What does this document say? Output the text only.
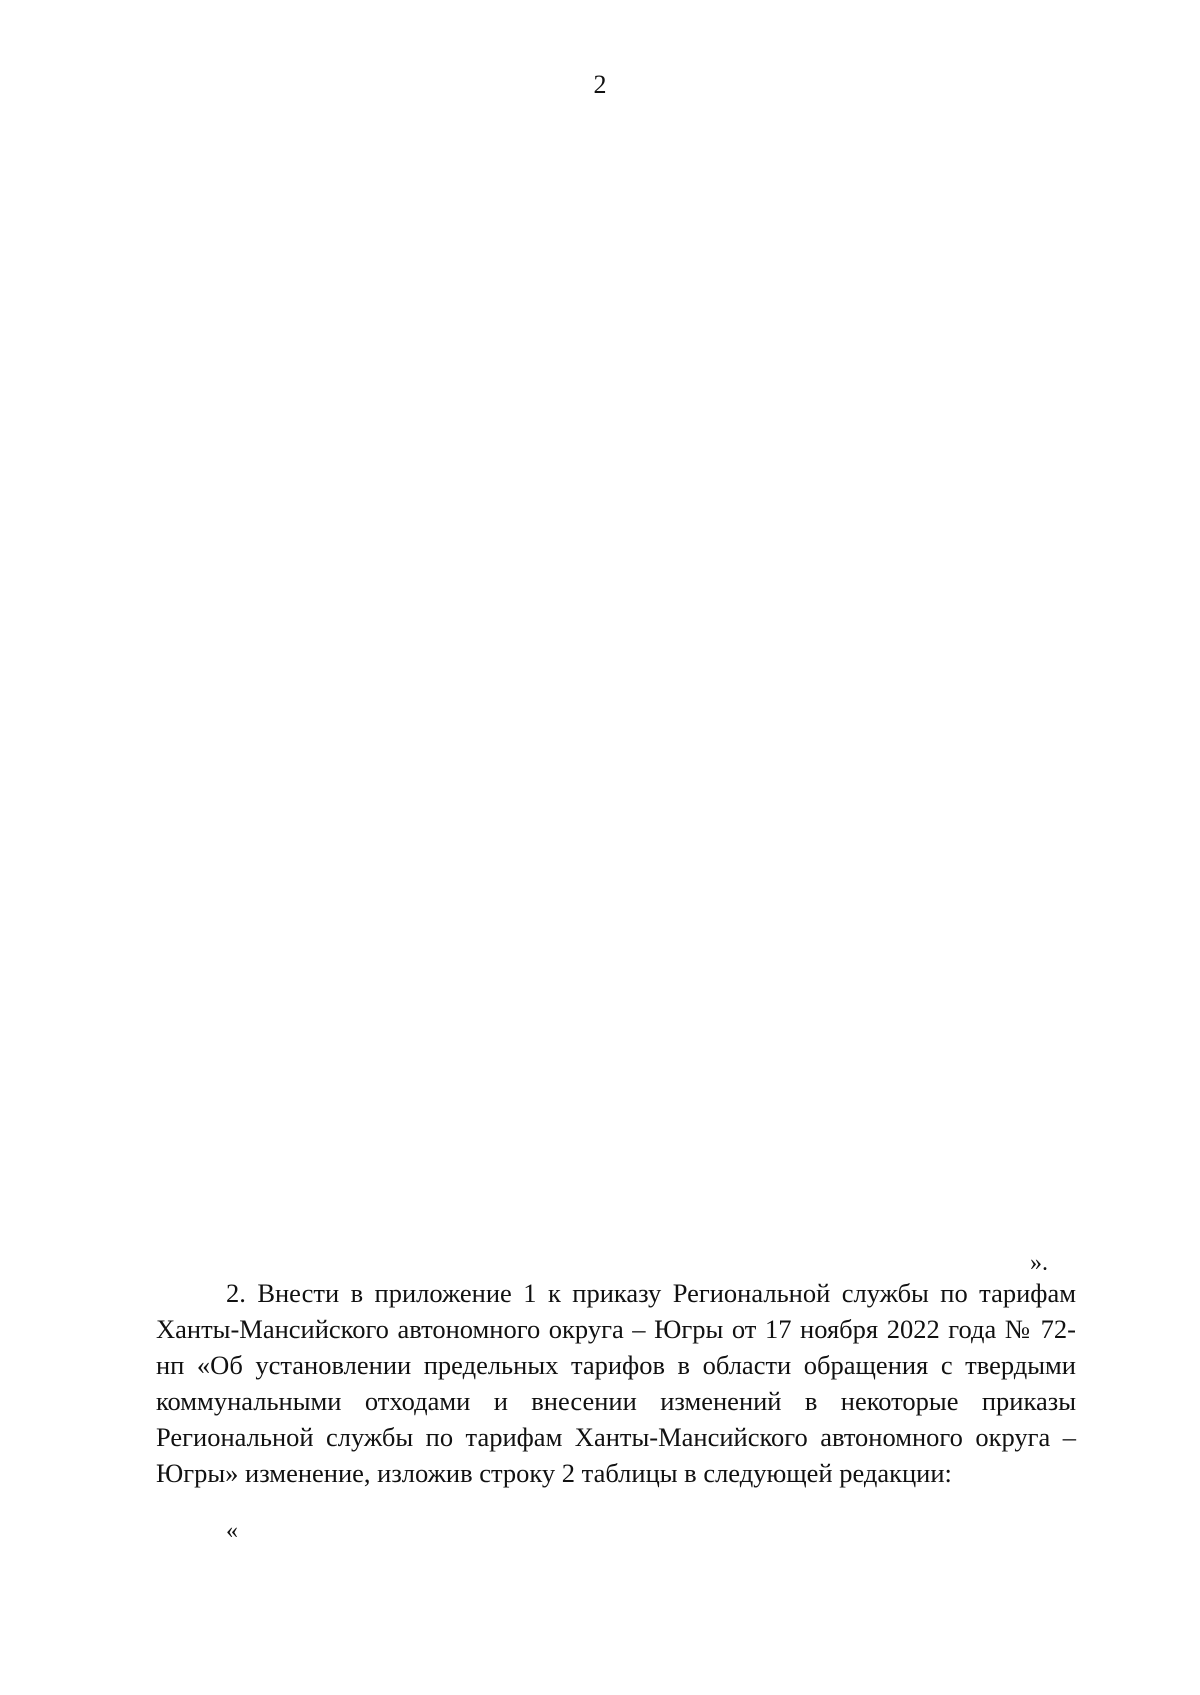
2
».
2. Внести в приложение 1 к приказу Региональной службы по тарифам Ханты-Мансийского автономного округа – Югры от 17 ноября 2022 года № 72-нп «Об установлении предельных тарифов в области обращения с твердыми коммунальными отходами и внесении изменений в некоторые приказы Региональной службы по тарифам Ханты-Мансийского автономного округа – Югры» изменение, изложив строку 2 таблицы в следующей редакции:
«
